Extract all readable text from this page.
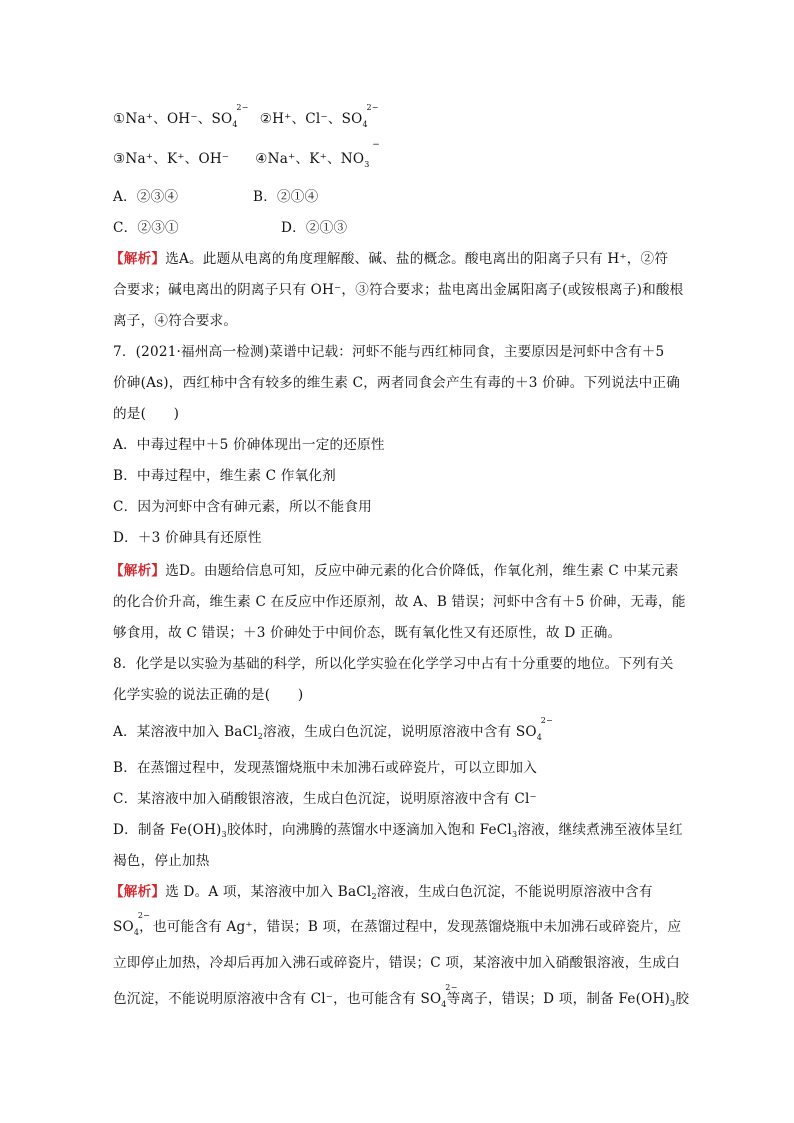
①Na⁺、OH⁻、$SO_4$
2−
②H⁺、Cl⁻、$SO_4$
2−
③Na⁺、K⁺、OH⁻ ④Na⁺、K⁺、$NO_3$
−
A．②③④	B．②①④
C．②③①	D．②①③
【解析】选A。此题从电离的角度理解酸、碱、盐的概念。酸电离出的阳离子只有 H⁺，②符
合要求；碱电离出的阴离子只有 OH⁻，③符合要求；盐电离出金属阳离子(或铵根离子)和酸根
离子，④符合要求。
7．(2021·福州高一检测)菜谱中记载：河虾不能与西红柿同食，主要原因是河虾中含有＋5
价砷(As)，西红柿中含有较多的维生素 C，两者同食会产生有毒的＋3 价砷。下列说法中正确
的是(　　)
A．中毒过程中＋5 价砷体现出一定的还原性
B．中毒过程中，维生素 C 作氧化剂
C．因为河虾中含有砷元素，所以不能食用
D．＋3 价砷具有还原性
【解析】选D。由题给信息可知，反应中砷元素的化合价降低，作氧化剂，维生素 C 中某元素
的化合价升高，维生素 C 在反应中作还原剂，故 A、B 错误；河虾中含有＋5 价砷，无毒，能
够食用，故 C 错误；＋3 价砷处于中间价态，既有氧化性又有还原性，故 D 正确。
8．化学是以实验为基础的科学，所以化学实验在化学学习中占有十分重要的地位。下列有关
化学实验的说法正确的是(　　)
A．某溶液中加入 BaCl$_2$溶液，生成白色沉淀，说明原溶液中含有 $SO_4$
2−
B．在蒸馏过程中，发现蒸馏烧瓶中未加沸石或碎瓷片，可以立即加入
C．某溶液中加入硝酸银溶液，生成白色沉淀，说明原溶液中含有 Cl⁻
D．制备 $Fe(OH)_3$胶体时，向沸腾的蒸馏水中逐滴加入饱和 FeCl$_3$溶液，继续煮沸至液体呈红
褐色，停止加热
【解析】选 D。A 项，某溶液中加入 BaCl$_2$溶液，生成白色沉淀，不能说明原溶液中含有
$SO_4$
2−
，也可能含有 Ag⁺，错误；B 项，在蒸馏过程中，发现蒸馏烧瓶中未加沸石或碎瓷片，应
立即停止加热，冷却后再加入沸石或碎瓷片，错误；C 项，某溶液中加入硝酸银溶液，生成白
色沉淀，不能说明原溶液中含有 Cl⁻，也可能含有 $SO_4$
2−
等离子，错误；D 项，制备 $Fe(OH)_3$胶
